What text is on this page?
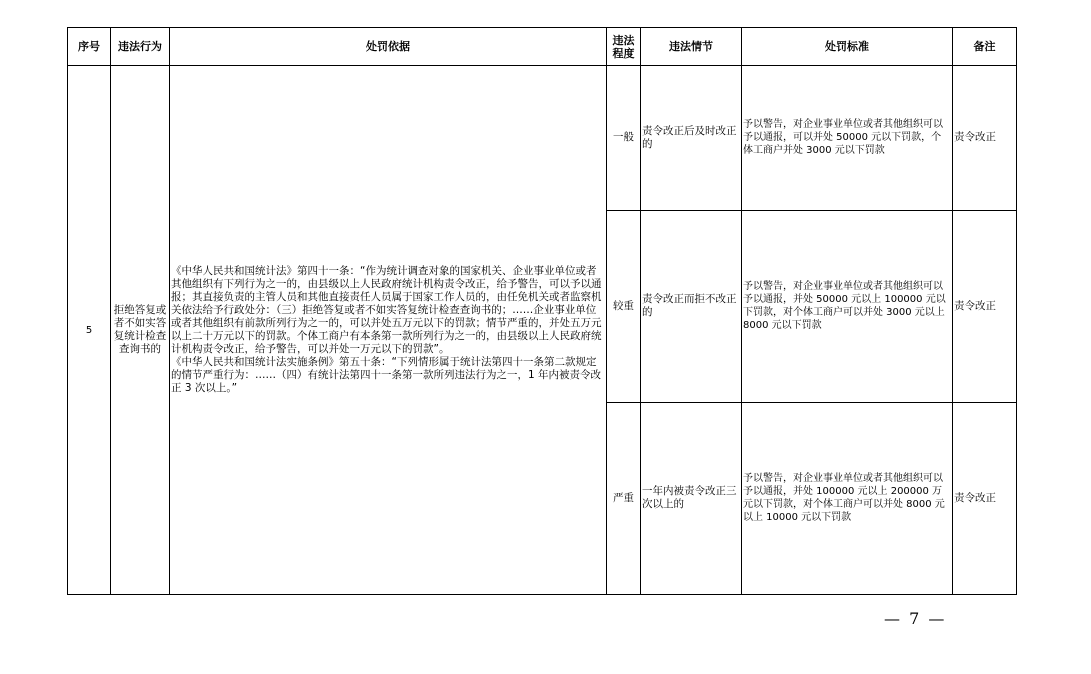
序号	违法行为	处罚依据	违法程度	违法情节	处罚标准	备注
5	拒绝答复或者不如实答复统计检查查询书的	《中华人民共和国统计法》第四十一条：“作为统计调查对象的国家机关、企业事业单位或者其他组织有下列行为之一的，由县级以上人民政府统计机构责令改正，给予警告，可以予以通报；其直接负责的主管人员和其他直接责任人员属于国家工作人员的，由任免机关或者监察机关依法给予行政处分：（三）拒绝答复或者不如实答复统计检查查询书的；……企业事业单位或者其他组织有前款所列行为之一的，可以并处五万元以下的罚款；情节严重的，并处五万元以上二十万元以下的罚款。个体工商户有本条第一款所列行为之一的，由县级以上人民政府统计机构责令改正，给予警告，可以并处一万元以下的罚款”。

《中华人民共和国统计法实施条例》第五十条：“下列情形属于统计法第四十一条第二款规定的情节严重行为：……（四）有统计法第四十一条第一款所列违法行为之一，1 年内被责令改正 3 次以上。”	一般	责令改正后及时改正的	予以警告，对企业事业单位或者其他组织可以予以通报，可以并处 50000 元以下罚款，个体工商户并处 3000 元以下罚款	责令改正
			较重	责令改正而拒不改正的	予以警告，对企业事业单位或者其他组织可以予以通报，并处 50000 元以上 100000 元以下罚款，对个体工商户可以并处 3000 元以上 8000 元以下罚款	责令改正
			严重	一年内被责令改正三次以上的	予以警告，对企业事业单位或者其他组织可以予以通报，并处 100000 元以上 200000 万元以下罚款，对个体工商户可以并处 8000 元以上 10000 元以下罚款	责令改正
— 7 —
